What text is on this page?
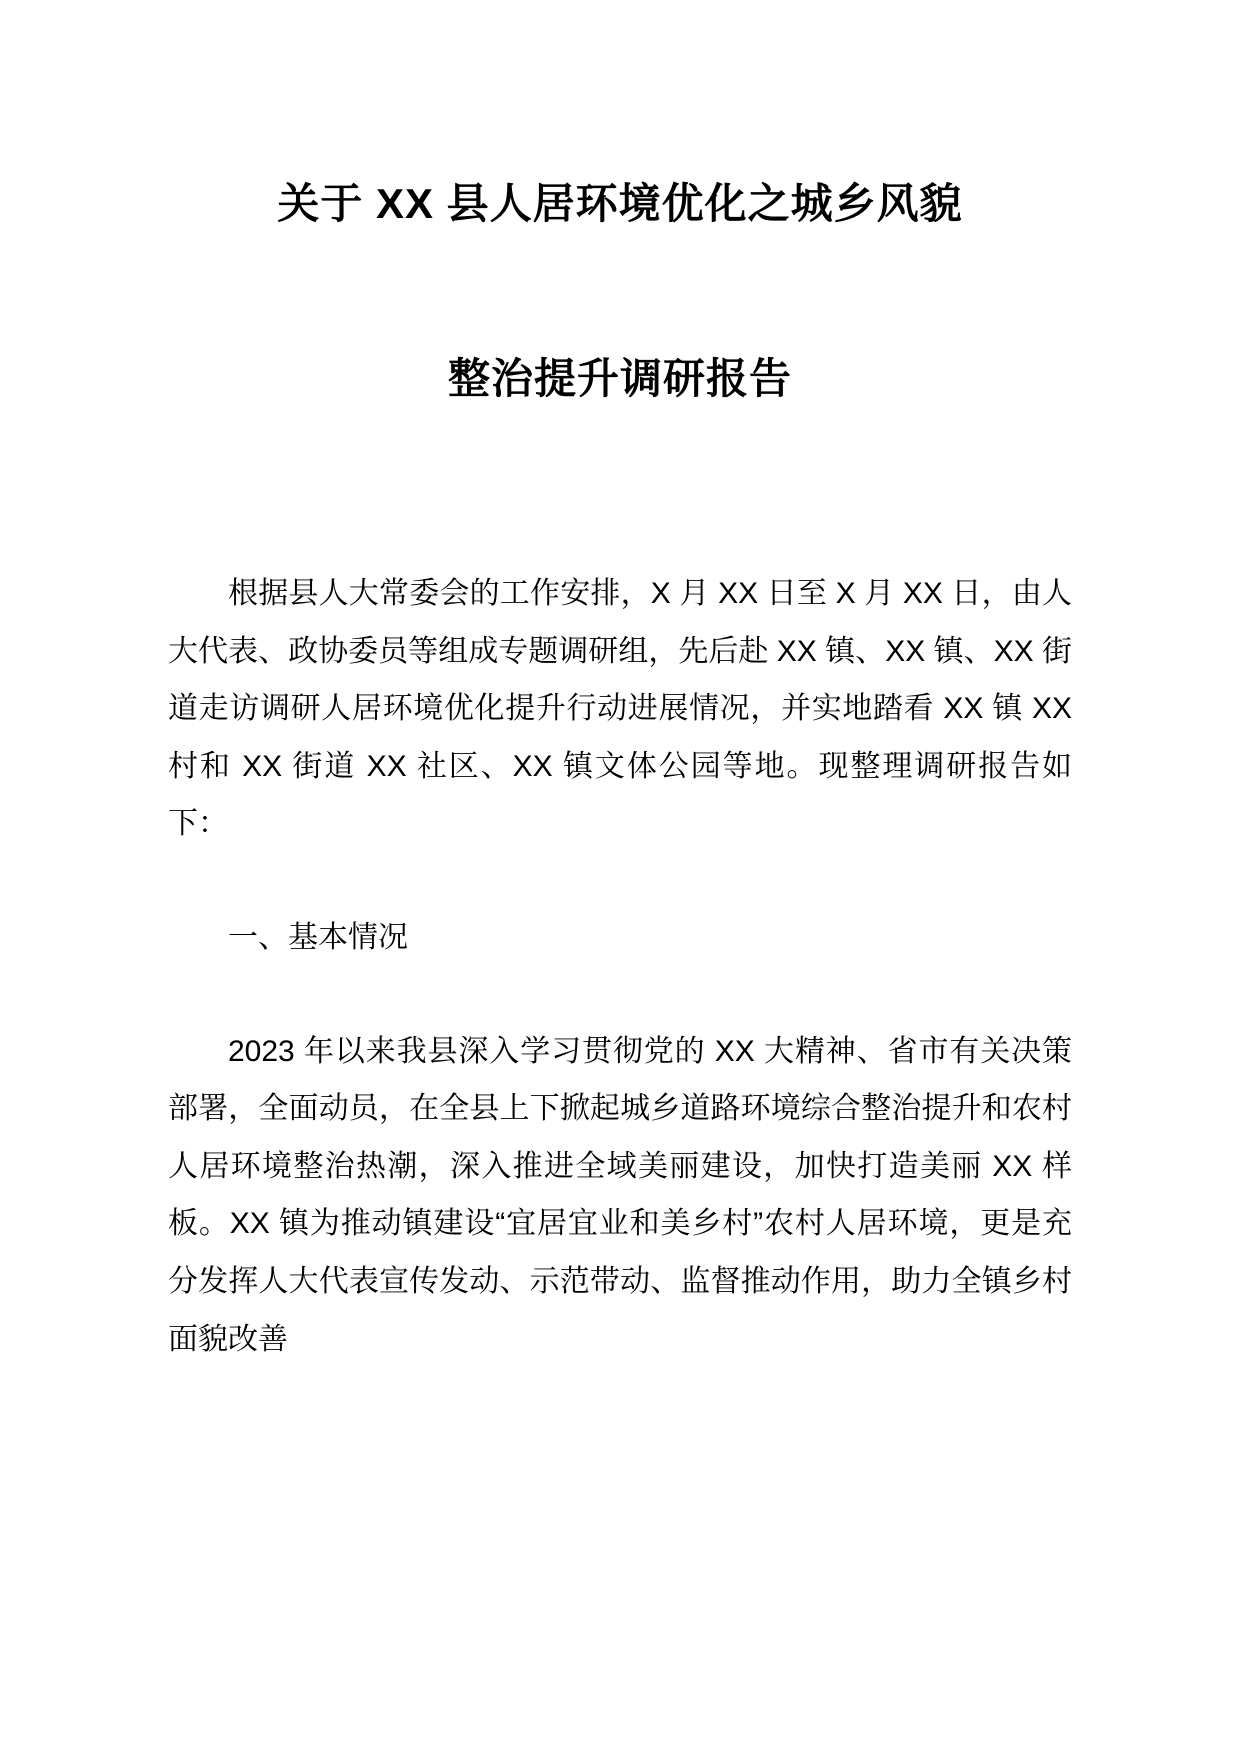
关于 XX 县人居环境优化之城乡风貌
整治提升调研报告

根据县人大常委会的工作安排，X 月 XX 日至 X 月 XX 日，由人大代表、政协委员等组成专题调研组，先后赴 XX 镇、XX 镇、XX 街道走访调研人居环境优化提升行动进展情况，并实地踏看 XX 镇 XX 村和 XX 街道 XX 社区、XX 镇文体公园等地。现整理调研报告如下：

一、基本情况

2023 年以来我县深入学习贯彻党的 XX 大精神、省市有关决策部署，全面动员，在全县上下掀起城乡道路环境综合整治提升和农村人居环境整治热潮，深入推进全域美丽建设，加快打造美丽 XX 样板。XX 镇为推动镇建设“宜居宜业和美乡村”农村人居环境，更是充分发挥人大代表宣传发动、示范带动、监督推动作用，助力全镇乡村面貌改善
